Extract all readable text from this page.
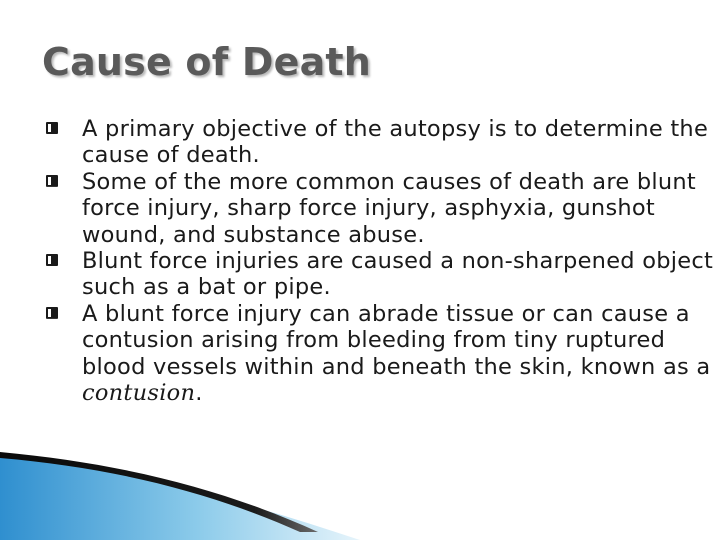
Cause of Death
A primary objective of the autopsy is to determine the cause of death.
Some of the more common causes of death are blunt force injury, sharp force injury, asphyxia, gunshot wound, and substance abuse.
Blunt force injuries are caused a non-sharpened object such as a bat or pipe.
A blunt force injury can abrade tissue or can cause a contusion arising from bleeding from tiny ruptured blood vessels within and beneath the skin, known as a contusion.
